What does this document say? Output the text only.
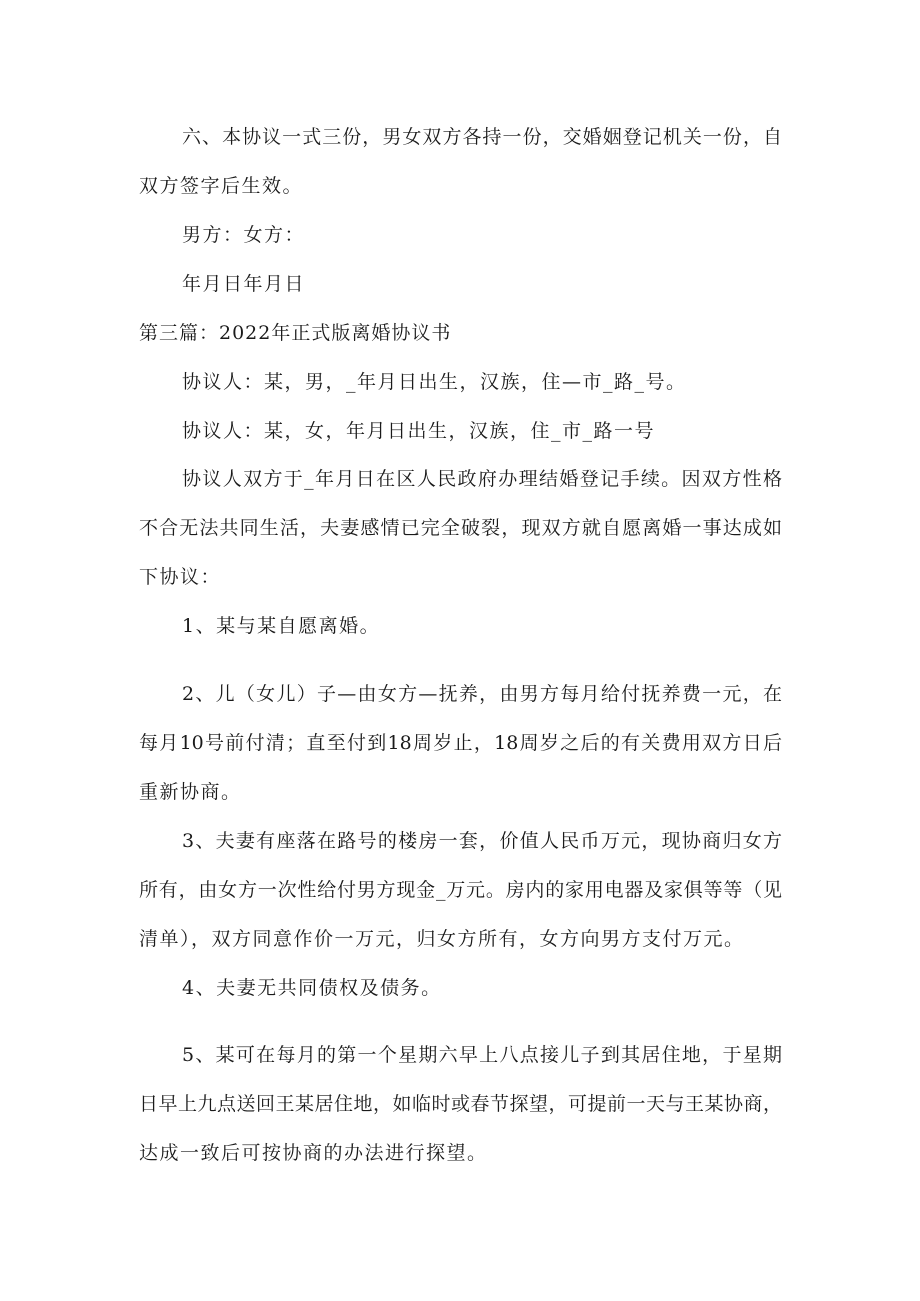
六、本协议一式三份，男女双方各持一份，交婚姻登记机关一份，自
双方签字后生效。
男方：女方：
年月日年月日
第三篇：2022年正式版离婚协议书
协议人：某，男，_年月日出生，汉族，住—市_路_号。
协议人：某，女，年月日出生，汉族，住_市_路一号
协议人双方于_年月日在区人民政府办理结婚登记手续。因双方性格
不合无法共同生活，夫妻感情已完全破裂，现双方就自愿离婚一事达成如
下协议：
1、某与某自愿离婚。
2、儿（女儿）子—由女方—抚养，由男方每月给付抚养费一元，在
每月10号前付清；直至付到18周岁止，18周岁之后的有关费用双方日后
重新协商。
3、夫妻有座落在路号的楼房一套，价值人民币万元，现协商归女方
所有，由女方一次性给付男方现金_万元。房内的家用电器及家俱等等（见
清单），双方同意作价一万元，归女方所有，女方向男方支付万元。
4、夫妻无共同债权及债务。
5、某可在每月的第一个星期六早上八点接儿子到其居住地，于星期
日早上九点送回王某居住地，如临时或春节探望，可提前一天与王某协商，
达成一致后可按协商的办法进行探望。
